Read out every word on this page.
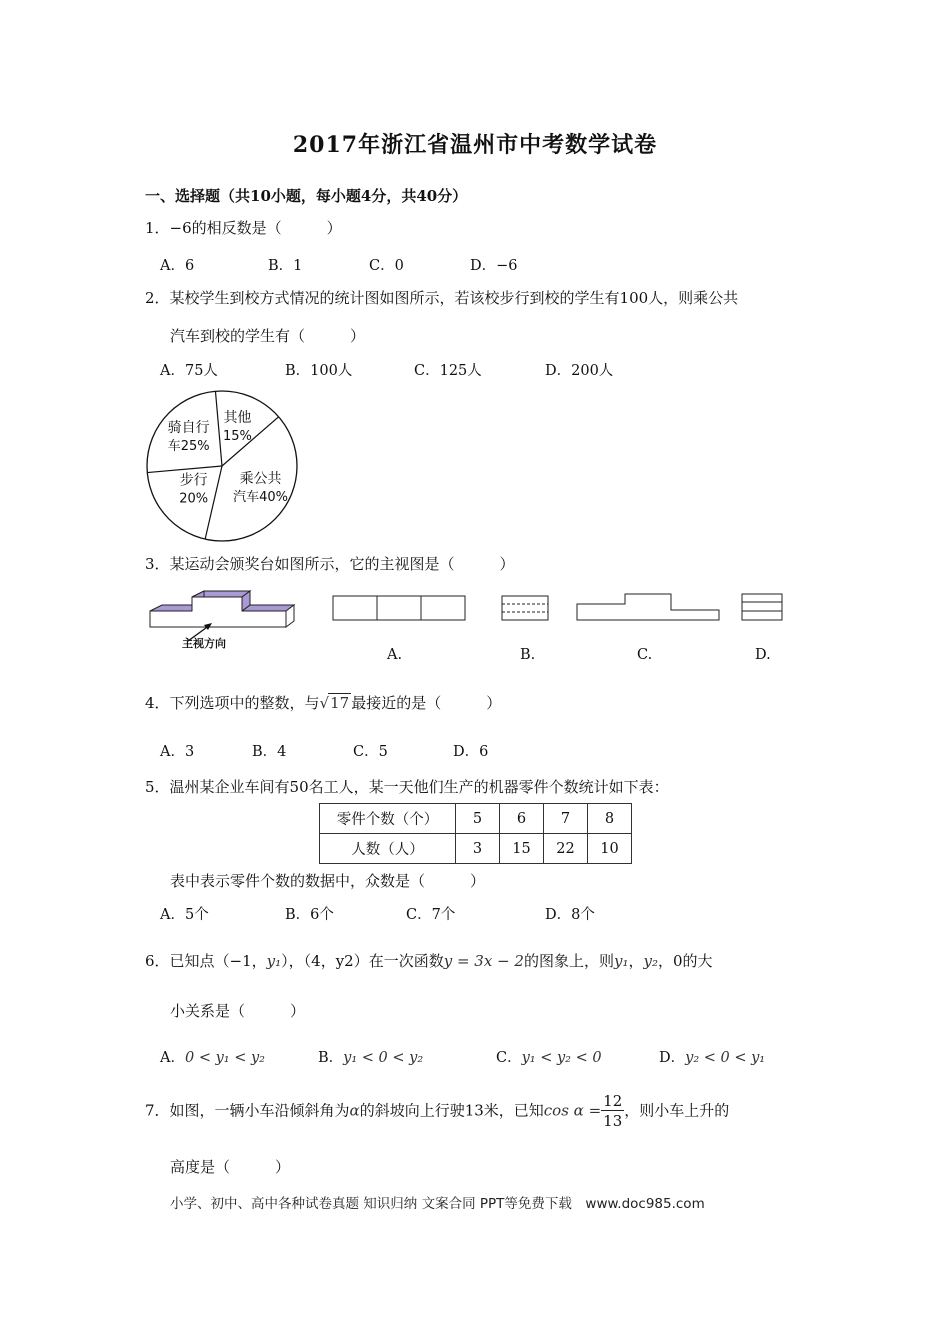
2017年浙江省温州市中考数学试卷
一、选择题（共10小题，每小题4分，共40分）
1．−6的相反数是（　　　）
A．6	B．1	C．0	D．−6
2．某校学生到校方式情况的统计图如图所示，若该校步行到校的学生有100人，则乘公共
汽车到校的学生有（　　　）
A．75人	B．100人	C．125人	D．200人
其他
15%
乘公共
汽车40%
步行
20%
骑自行
车25%
3．某运动会颁奖台如图所示，它的主视图是（　　　）
主视方向
A.	B.	C.	D.
4．下列选项中的整数，与√17 最接近的是（　　　）
A．3	B．4	C．5	D．6
5．温州某企业车间有50名工人，某一天他们生产的机器零件个数统计如下表：
零件个数（个）	5	6	7	8
人数（人）	3	15	22	10
表中表示零件个数的数据中，众数是（　　　）
A．5个	B．6个	C．7个	D．8个
6．已知点（−1，y₁），（4，y2）在一次函数y = 3x − 2的图象上，则y₁，y₂，0的大
小关系是（　　　）
A．0 < y₁ < y₂	B．y₁ < 0 < y₂	C．y₁ < y₂ < 0	D．y₂ < 0 < y₁
7．如图，一辆小车沿倾斜角为α的斜坡向上行驶13米，已知$\cos \alpha = \frac{12}{13}$ ，则小车上升的
高度是（　　　）
小学、初中、高中各种试卷真题 知识归纳 文案合同 PPT等免费下载　www.doc985.com
